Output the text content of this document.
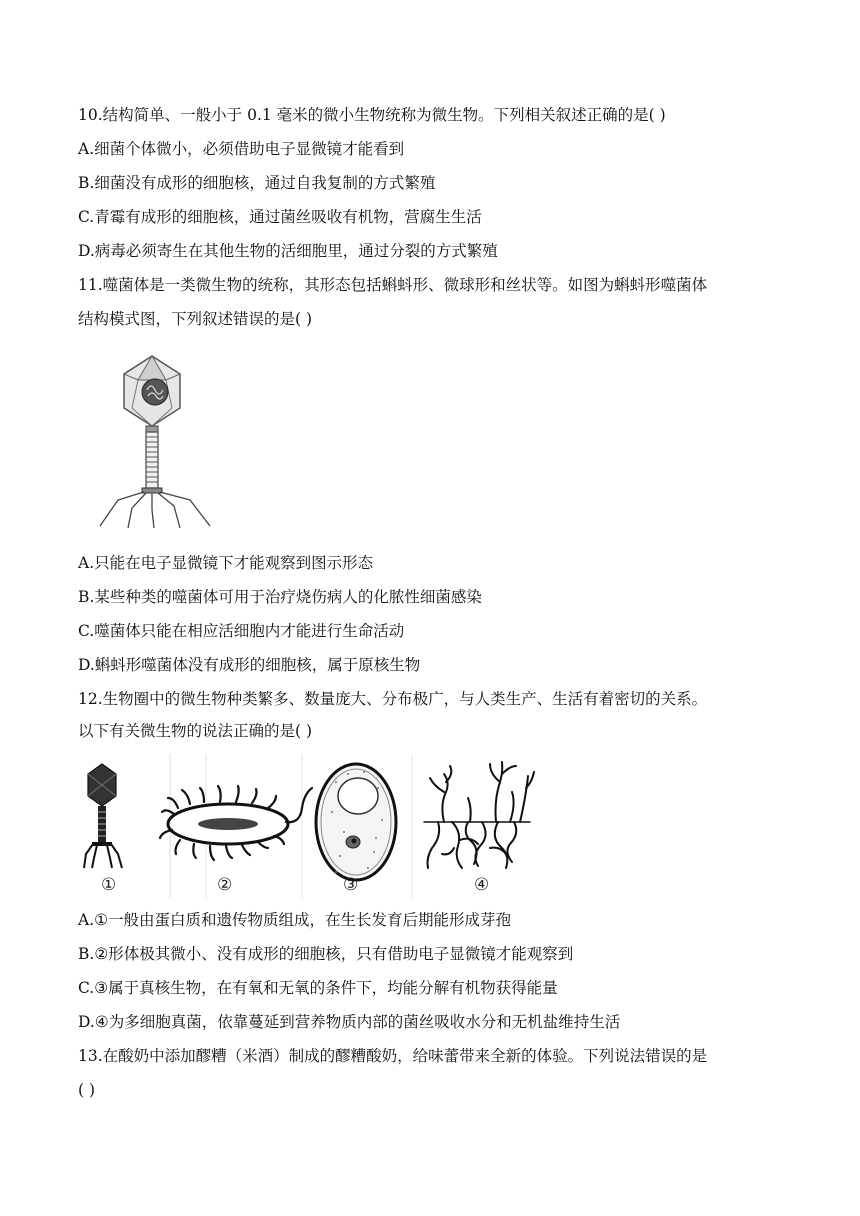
10.结构简单、一般小于 0.1 毫米的微小生物统称为微生物。下列相关叙述正确的是( )
A.细菌个体微小，必须借助电子显微镜才能看到
B.细菌没有成形的细胞核，通过自我复制的方式繁殖
C.青霉有成形的细胞核，通过菌丝吸收有机物，营腐生生活
D.病毒必须寄生在其他生物的活细胞里，通过分裂的方式繁殖
11.噬菌体是一类微生物的统称，其形态包括蝌蚪形、微球形和丝状等。如图为蝌蚪形噬菌体
结构模式图，下列叙述错误的是( )
A.只能在电子显微镜下才能观察到图示形态
B.某些种类的噬菌体可用于治疗烧伤病人的化脓性细菌感染
C.噬菌体只能在相应活细胞内才能进行生命活动
D.蝌蚪形噬菌体没有成形的细胞核，属于原核生物
12.生物圈中的微生物种类繁多、数量庞大、分布极广，与人类生产、生活有着密切的关系。
以下有关微生物的说法正确的是( )
①	②	③	④
A.①一般由蛋白质和遗传物质组成，在生长发育后期能形成芽孢
B.②形体极其微小、没有成形的细胞核，只有借助电子显微镜才能观察到
C.③属于真核生物，在有氧和无氧的条件下，均能分解有机物获得能量
D.④为多细胞真菌，依靠蔓延到营养物质内部的菌丝吸收水分和无机盐维持生活
13.在酸奶中添加醪糟（米酒）制成的醪糟酸奶，给味蕾带来全新的体验。下列说法错误的是
( )
